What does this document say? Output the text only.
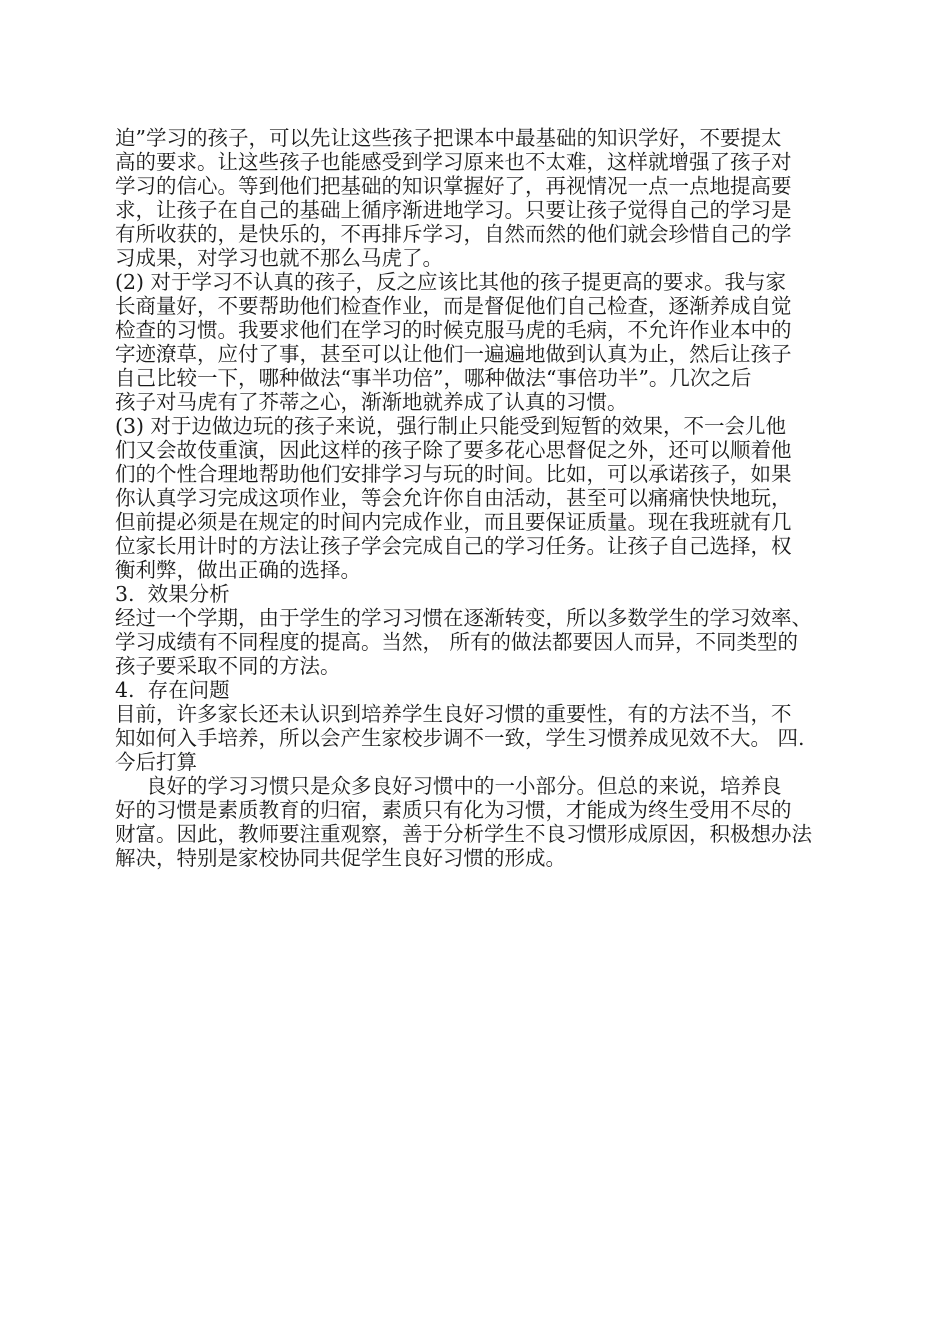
迫”学习的孩子，可以先让这些孩子把课本中最基础的知识学好，不要提太
高的要求。让这些孩子也能感受到学习原来也不太难，这样就增强了孩子对
学习的信心。等到他们把基础的知识掌握好了，再视情况一点一点地提高要
求，让孩子在自己的基础上循序渐进地学习。只要让孩子觉得自己的学习是
有所收获的，是快乐的，不再排斥学习，自然而然的他们就会珍惜自己的学
习成果，对学习也就不那么马虎了。
(2) 对于学习不认真的孩子，反之应该比其他的孩子提更高的要求。我与家
长商量好，不要帮助他们检查作业，而是督促他们自己检查，逐渐养成自觉
检查的习惯。我要求他们在学习的时候克服马虎的毛病，不允许作业本中的
字迹潦草，应付了事，甚至可以让他们一遍遍地做到认真为止，然后让孩子
自己比较一下，哪种做法“事半功倍”，哪种做法“事倍功半”。几次之后
孩子对马虎有了芥蒂之心，渐渐地就养成了认真的习惯。
(3) 对于边做边玩的孩子来说，强行制止只能受到短暂的效果，不一会儿他
们又会故伎重演，因此这样的孩子除了要多花心思督促之外，还可以顺着他
们的个性合理地帮助他们安排学习与玩的时间。比如，可以承诺孩子，如果
你认真学习完成这项作业，等会允许你自由活动，甚至可以痛痛快快地玩，
但前提必须是在规定的时间内完成作业，而且要保证质量。现在我班就有几
位家长用计时的方法让孩子学会完成自己的学习任务。让孩子自己选择，权
衡利弊，做出正确的选择。
3.  效果分析
经过一个学期，由于学生的学习习惯在逐渐转变，所以多数学生的学习效率、
学习成绩有不同程度的提高。当然， 所有的做法都要因人而异，不同类型的
孩子要采取不同的方法。
4.  存在问题
目前，许多家长还未认识到培养学生良好习惯的重要性，有的方法不当，不
知如何入手培养，所以会产生家校步调不一致，学生习惯养成见效不大。 四.
今后打算
良好的学习习惯只是众多良好习惯中的一小部分。但总的来说，培养良
好的习惯是素质教育的归宿，素质只有化为习惯，才能成为终生受用不尽的
财富。因此，教师要注重观察，善于分析学生不良习惯形成原因，积极想办法
解决，特别是家校协同共促学生良好习惯的形成。
